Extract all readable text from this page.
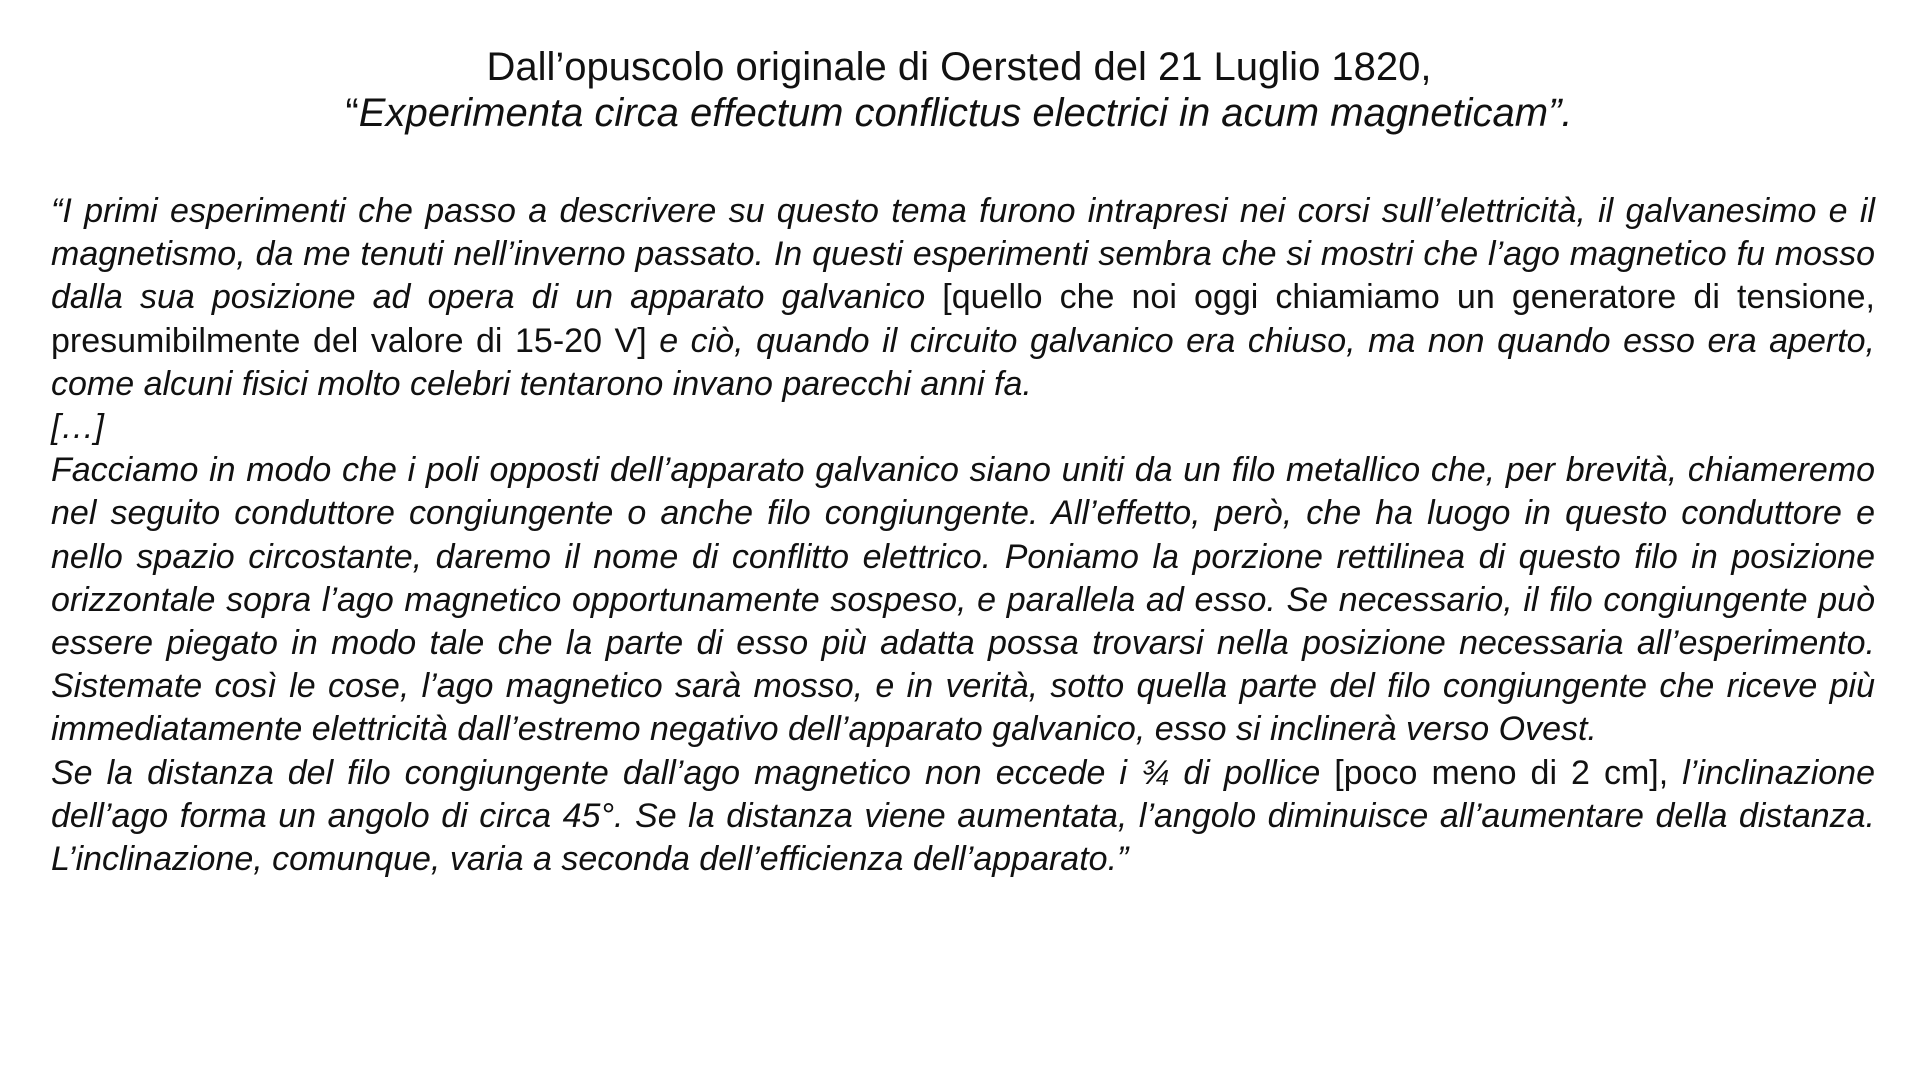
Dall’opuscolo originale di Oersted del 21 Luglio 1820,
“Experimenta circa effectum conflictus electrici in acum magneticam”.

“I primi esperimenti che passo a descrivere su questo tema furono intrapresi nei corsi sull’elettricità, il galvanesimo e il magnetismo, da me tenuti nell’inverno passato. In questi esperimenti sembra che si mostri che l’ago magnetico fu mosso dalla sua posizione ad opera di un apparato galvanico [quello che noi oggi chiamiamo un generatore di tensione, presumibilmente del valore di 15-20 V] e ciò, quando il circuito galvanico era chiuso, ma non quando esso era aperto, come alcuni fisici molto celebri tentarono invano parecchi anni fa.

[…]

Facciamo in modo che i poli opposti dell’apparato galvanico siano uniti da un filo metallico che, per brevità, chiameremo nel seguito conduttore congiungente o anche filo congiungente. All’effetto, però, che ha luogo in questo conduttore e nello spazio circostante, daremo il nome di conflitto elettrico. Poniamo la porzione rettilinea di questo filo in posizione orizzontale sopra l’ago magnetico opportunamente sospeso, e parallela ad esso. Se necessario, il filo congiungente può essere piegato in modo tale che la parte di esso più adatta possa trovarsi nella posizione necessaria all’esperimento. Sistemate così le cose, l’ago magnetico sarà mosso, e in verità, sotto quella parte del filo congiungente che riceve più immediatamente elettricità dall’estremo negativo dell’apparato galvanico, esso si inclinerà verso Ovest.

Se la distanza del filo congiungente dall’ago magnetico non eccede i ¾ di pollice [poco meno di 2 cm], l’inclinazione dell’ago forma un angolo di circa 45°. Se la distanza viene aumentata, l’angolo diminuisce all’aumentare della distanza. L’inclinazione, comunque, varia a seconda dell’efficienza dell’apparato.”
